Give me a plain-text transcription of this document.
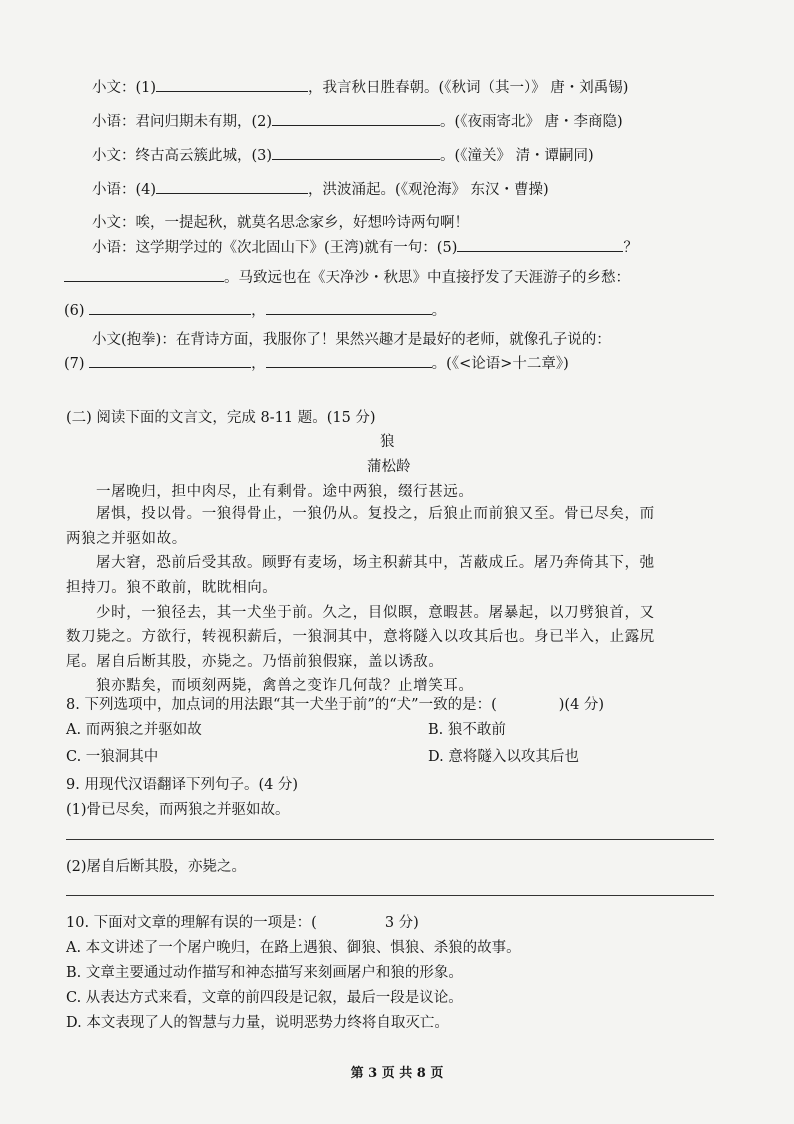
小文：(1)	，我言秋日胜春朝。(《秋词（其一）》 唐・刘禹锡)
小语：君问归期未有期，(2)	。(《夜雨寄北》 唐・李商隐)
小文：终古高云簇此城，(3)	。(《潼关》 清・谭嗣同)
小语：(4)	，洪波涌起。(《观沧海》 东汉・曹操)
小文：唉，一提起秋，就莫名思念家乡，好想吟诗两句啊！
小语：这学期学过的《次北固山下》(王湾)就有一句：(5)	？
。马致远也在《天净沙・秋思》中直接抒发了天涯游子的乡愁：
(6)	，	。
小文(抱拳)：在背诗方面，我服你了！果然兴趣才是最好的老师，就像孔子说的：
(7)	，	。(《<论语>十二章》)
(二) 阅读下面的文言文，完成 8-11 题。(15 分)
狼
蒲松龄
一屠晚归，担中肉尽，止有剩骨。途中两狼，缀行甚远。
屠惧，投以骨。一狼得骨止，一狼仍从。复投之，后狼止而前狼又至。骨已尽矣，而
两狼之并驱如故。
屠大窘，恐前后受其敌。顾野有麦场，场主积薪其中，苫蔽成丘。屠乃奔倚其下，弛
担持刀。狼不敢前，眈眈相向。
少时，一狼径去，其一犬坐于前。久之，目似瞑，意暇甚。屠暴起，以刀劈狼首，又
数刀毙之。方欲行，转视积薪后，一狼洞其中，意将隧入以攻其后也。身已半入，止露尻
尾。屠自后断其股，亦毙之。乃悟前狼假寐，盖以诱敌。
狼亦黠矣，而顷刻两毙，禽兽之变诈几何哉？止增笑耳。
8. 下列选项中，加点词的用法跟“其一犬坐于前”的“犬”一致的是：(	)(4 分)
A. 而两狼之并驱如故	B. 狼不敢前
C. 一狼洞其中	D. 意将隧入以攻其后也
9. 用现代汉语翻译下列句子。(4 分)
(1)骨已尽矣，而两狼之并驱如故。
(2)屠自后断其股，亦毙之。
10. 下面对文章的理解有误的一项是：(	3 分)
A. 本文讲述了一个屠户晚归，在路上遇狼、御狼、惧狼、杀狼的故事。
B. 文章主要通过动作描写和神态描写来刻画屠户和狼的形象。
C. 从表达方式来看，文章的前四段是记叙，最后一段是议论。
D. 本文表现了人的智慧与力量，说明恶势力终将自取灭亡。
第 3 页 共 8 页
